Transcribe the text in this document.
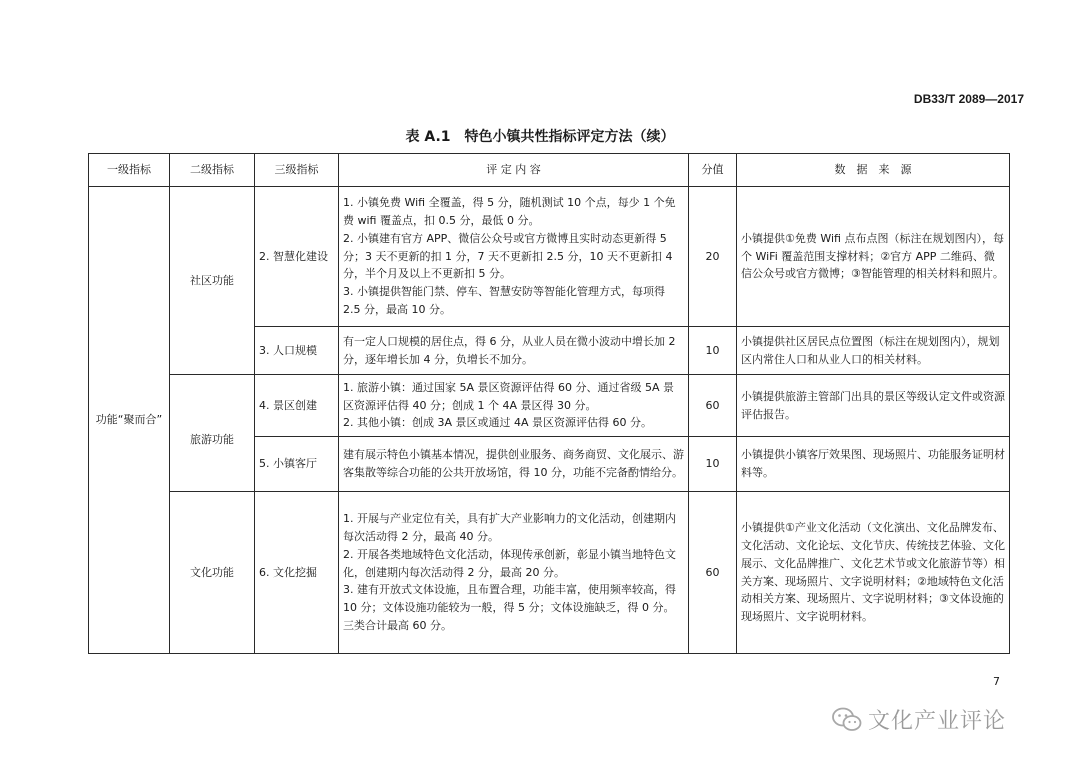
DB33/T 2089—2017
表 A.1　特色小镇共性指标评定方法（续）
一级指标	二级指标	三级指标	评 定 内 容	分值	数　据　来　源
功能“聚而合”	社区功能	2. 智慧化建设	1. 小镇免费 Wifi 全覆盖，得 5 分，随机测试 10 个点，每少 1 个免费 wifi 覆盖点，扣 0.5 分，最低 0 分。
2. 小镇建有官方 APP、微信公众号或官方微博且实时动态更新得 5 分；3 天不更新的扣 1 分，7 天不更新扣 2.5 分，10 天不更新扣 4 分，半个月及以上不更新扣 5 分。
3. 小镇提供智能门禁、停车、智慧安防等智能化管理方式，每项得 2.5 分，最高 10 分。	20	小镇提供①免费 Wifi 点布点图（标注在规划图内），每个 WiFi 覆盖范围支撑材料；②官方 APP 二维码、微信公众号或官方微博；③智能管理的相关材料和照片。
		3. 人口规模	有一定人口规模的居住点，得 6 分，从业人员在微小波动中增长加 2 分，逐年增长加 4 分，负增长不加分。	10	小镇提供社区居民点位置图（标注在规划图内），规划区内常住人口和从业人口的相关材料。
	旅游功能	4. 景区创建	1. 旅游小镇：通过国家 5A 景区资源评估得 60 分、通过省级 5A 景区资源评估得 40 分；创成 1 个 4A 景区得 30 分。
2. 其他小镇：创成 3A 景区或通过 4A 景区资源评估得 60 分。	60	小镇提供旅游主管部门出具的景区等级认定文件或资源评估报告。
		5. 小镇客厅	建有展示特色小镇基本情况，提供创业服务、商务商贸、文化展示、游客集散等综合功能的公共开放场馆，得 10 分，功能不完备酌情给分。	10	小镇提供小镇客厅效果图、现场照片、功能服务证明材料等。
	文化功能	6. 文化挖掘	1. 开展与产业定位有关，具有扩大产业影响力的文化活动，创建期内每次活动得 2 分，最高 40 分。
2. 开展各类地域特色文化活动，体现传承创新，彰显小镇当地特色文化，创建期内每次活动得 2 分，最高 20 分。
3. 建有开放式文体设施，且布置合理，功能丰富，使用频率较高，得 10 分；文体设施功能较为一般，得 5 分；文体设施缺乏，得 0 分。
三类合计最高 60 分。	60	小镇提供①产业文化活动（文化演出、文化品牌发布、文化活动、文化论坛、文化节庆、传统技艺体验、文化展示、文化品牌推广、文化艺术节或文化旅游节等）相关方案、现场照片、文字说明材料；②地域特色文化活动相关方案、现场照片、文字说明材料；③文体设施的现场照片、文字说明材料。
7
文化产业评论
